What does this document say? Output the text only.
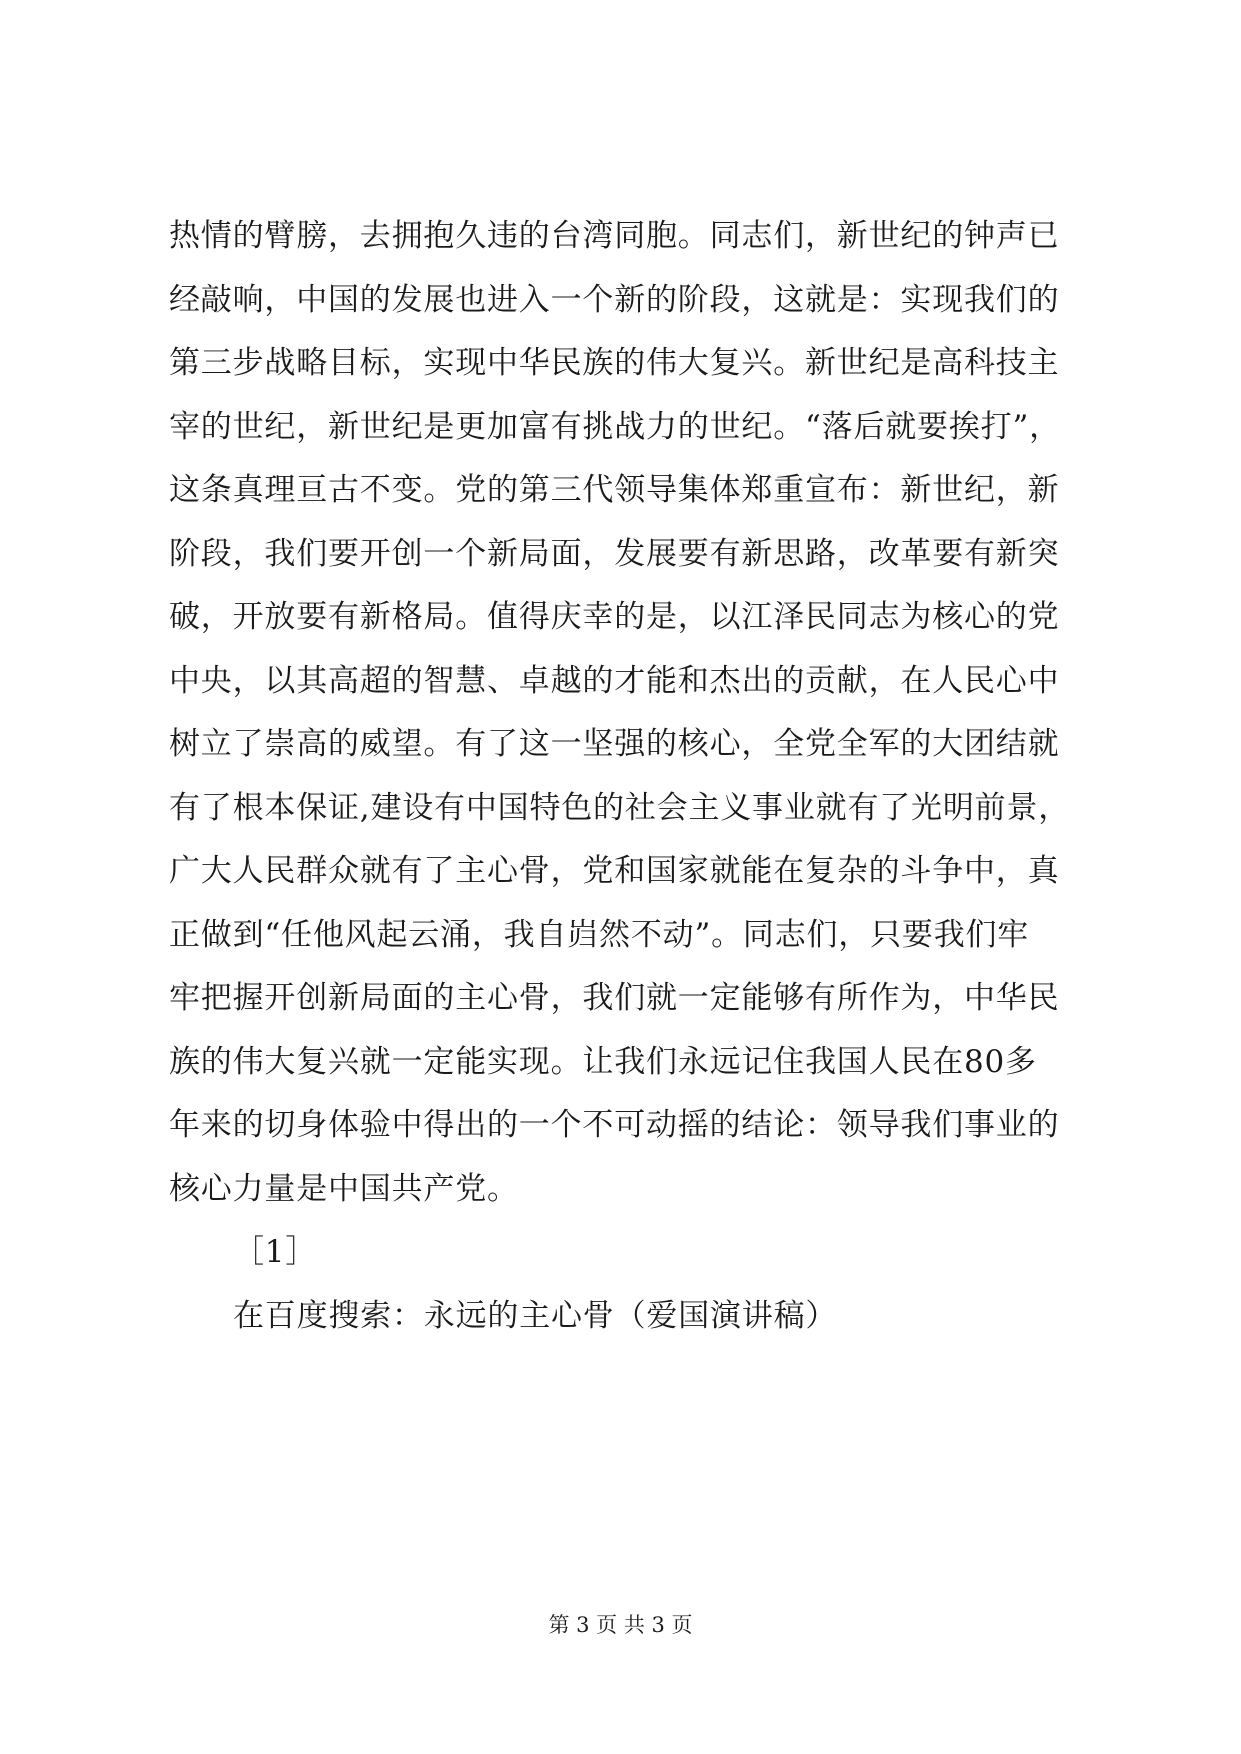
热情的臂膀，去拥抱久违的台湾同胞。同志们，新世纪的钟声已
经敲响，中国的发展也进入一个新的阶段，这就是：实现我们的
第三步战略目标，实现中华民族的伟大复兴。新世纪是高科技主
宰的世纪，新世纪是更加富有挑战力的世纪。“落后就要挨打”，
这条真理亘古不变。党的第三代领导集体郑重宣布：新世纪，新
阶段，我们要开创一个新局面，发展要有新思路，改革要有新突
破，开放要有新格局。值得庆幸的是，以江泽民同志为核心的党
中央，以其高超的智慧、卓越的才能和杰出的贡献，在人民心中
树立了崇高的威望。有了这一坚强的核心，全党全军的大团结就
有了根本保证,建设有中国特色的社会主义事业就有了光明前景，
广大人民群众就有了主心骨，党和国家就能在复杂的斗争中，真
正做到“任他风起云涌，我自岿然不动”。同志们，只要我们牢
牢把握开创新局面的主心骨，我们就一定能够有所作为，中华民
族的伟大复兴就一定能实现。让我们永远记住我国人民在80多
年来的切身体验中得出的一个不可动摇的结论：领导我们事业的
核心力量是中国共产党。
［1］
在百度搜索：永远的主心骨（爱国演讲稿）
第 3 页 共 3 页
